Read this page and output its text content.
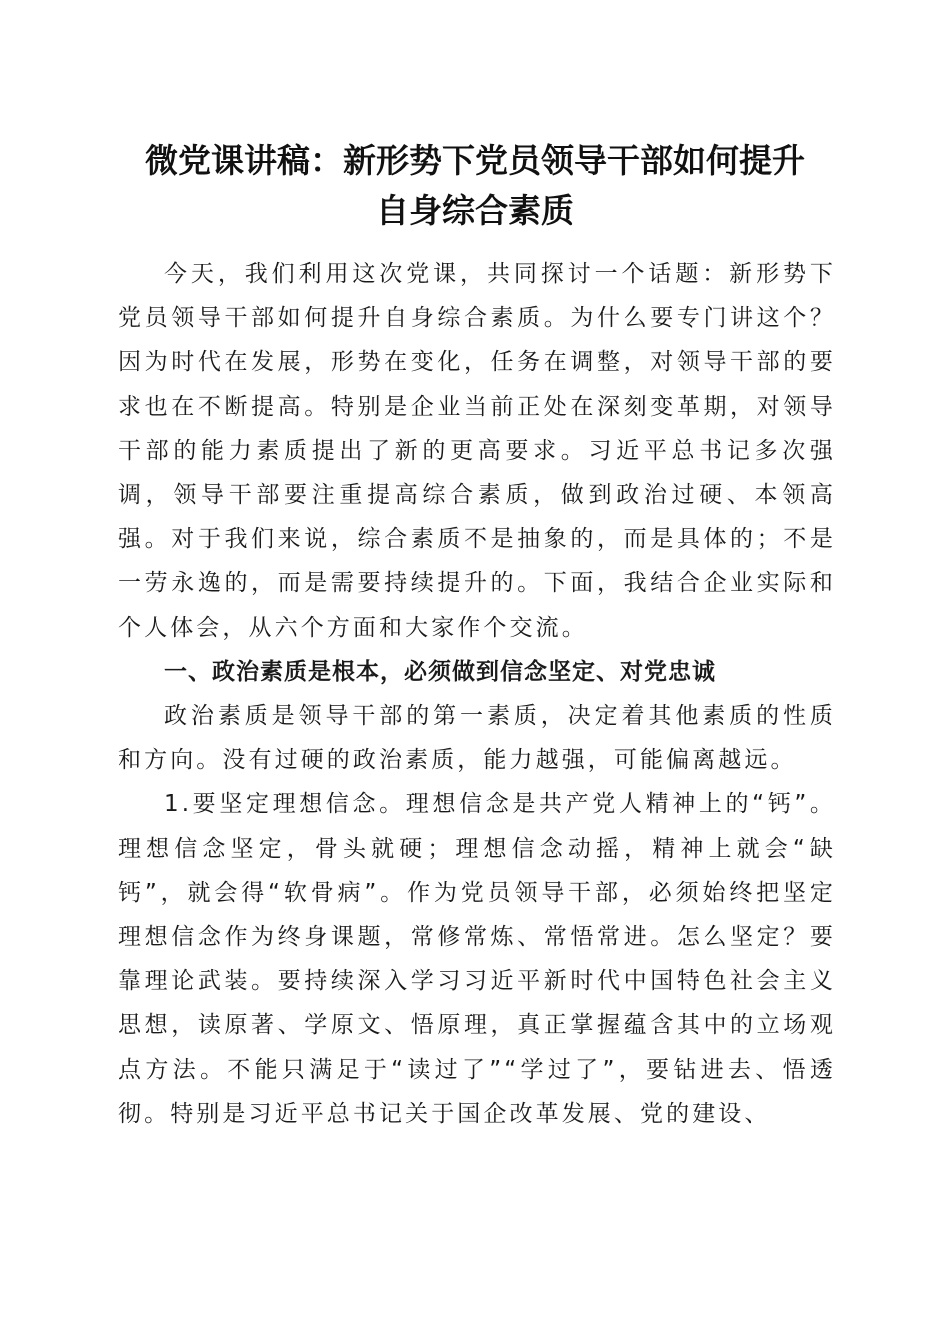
微党课讲稿：新形势下党员领导干部如何提升
自身综合素质

今天，我们利用这次党课，共同探讨一个话题：新形势下党员领导干部如何提升自身综合素质。为什么要专门讲这个？因为时代在发展，形势在变化，任务在调整，对领导干部的要求也在不断提高。特别是企业当前正处在深刻变革期，对领导干部的能力素质提出了新的更高要求。习近平总书记多次强调，领导干部要注重提高综合素质，做到政治过硬、本领高强。对于我们来说，综合素质不是抽象的，而是具体的；不是一劳永逸的，而是需要持续提升的。下面，我结合企业实际和个人体会，从六个方面和大家作个交流。

一、政治素质是根本，必须做到信念坚定、对党忠诚

政治素质是领导干部的第一素质，决定着其他素质的性质和方向。没有过硬的政治素质，能力越强，可能偏离越远。

1.要坚定理想信念。理想信念是共产党人精神上的“钙”。理想信念坚定，骨头就硬；理想信念动摇，精神上就会“缺钙”，就会得“软骨病”。作为党员领导干部，必须始终把坚定理想信念作为终身课题，常修常炼、常悟常进。怎么坚定？要靠理论武装。要持续深入学习习近平新时代中国特色社会主义思想，读原著、学原文、悟原理，真正掌握蕴含其中的立场观点方法。不能只满足于“读过了”“学过了”，要钻进去、悟透彻。特别是习近平总书记关于国企改革发展、党的建设、
